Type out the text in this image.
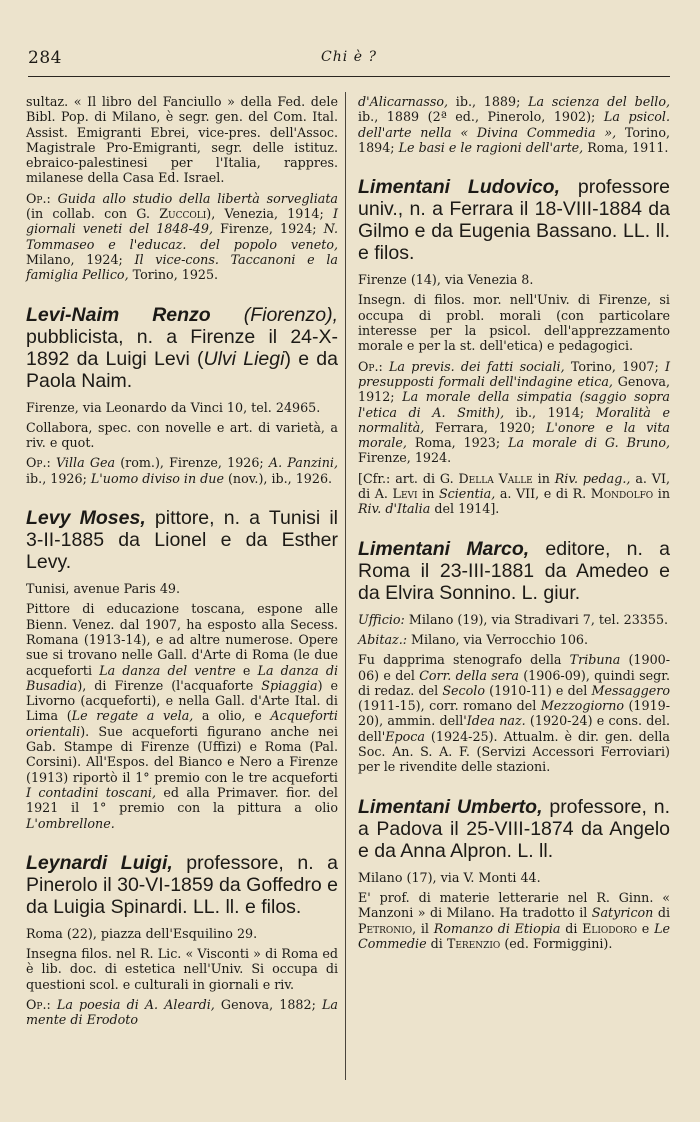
284	Chi è ?

sultaz. « Il libro del Fanciullo » della Fed. dele Bibl. Pop. di Milano, è segr. gen. del Com. Ital. Assist. Emigranti Ebrei, vice-pres. dell'Assoc. Magistrale Pro-Emigranti, segr. delle istituz. ebraico-palestinesi per l'Italia, rappres. milanese della Casa Ed. Israel.

Op.: Guida allo studio della libertà sorvegliata (in collab. con G. Zuccoli), Venezia, 1914; I giornali veneti del 1848-49, Firenze, 1924; N. Tommaseo e l'educaz. del popolo veneto, Milano, 1924; Il vice-cons. Taccanoni e la famiglia Pellico, Torino, 1925.

Levi-Naim Renzo (Fiorenzo), pubblicista, n. a Firenze il 24-X-1892 da Luigi Levi (Ulvi Liegi) e da Paola Naim.

Firenze, via Leonardo da Vinci 10, tel. 24965.

Collabora, spec. con novelle e art. di varietà, a riv. e quot.

Op.: Villa Gea (rom.), Firenze, 1926; A. Panzini, ib., 1926; L'uomo diviso in due (nov.), ib., 1926.

Levy Moses, pittore, n. a Tunisi il 3-II-1885 da Lionel e da Esther Levy.

Tunisi, avenue Paris 49.

Pittore di educazione toscana, espone alle Bienn. Venez. dal 1907, ha esposto alla Secess. Romana (1913-14), e ad altre numerose. Opere sue si trovano nelle Gall. d'Arte di Roma (le due acqueforti La danza del ventre e La danza di Busadia), di Firenze (l'acquaforte Spiaggia) e Livorno (acqueforti), e nella Gall. d'Arte Ital. di Lima (Le regate a vela, a olio, e Acqueforti orientali). Sue acqueforti figurano anche nei Gab. Stampe di Firenze (Uffizi) e Roma (Pal. Corsini). All'Espos. del Bianco e Nero a Firenze (1913) riportò il 1° premio con le tre acqueforti I contadini toscani, ed alla Primaver. fior. del 1921 il 1° premio con la pittura a olio L'ombrellone.

Leynardi Luigi, professore, n. a Pinerolo il 30-VI-1859 da Goffedro e da Luigia Spinardi. LL. ll. e filos.

Roma (22), piazza dell'Esquilino 29.

Insegna filos. nel R. Lic. « Visconti » di Roma ed è lib. doc. di estetica nell'Univ. Si occupa di questioni scol. e culturali in giornali e riv.

Op.: La poesia di A. Aleardi, Genova, 1882; La mente di Erodoto

d'Alicarnasso, ib., 1889; La scienza del bello, ib., 1889 (2ª ed., Pinerolo, 1902); La psicol. dell'arte nella « Divina Commedia », Torino, 1894; Le basi e le ragioni dell'arte, Roma, 1911.

Limentani Ludovico, professore univ., n. a Ferrara il 18-VIII-1884 da Gilmo e da Eugenia Bassano. LL. ll. e filos.

Firenze (14), via Venezia 8.

Insegn. di filos. mor. nell'Univ. di Firenze, si occupa di probl. morali (con particolare interesse per la psicol. dell'apprezzamento morale e per la st. dell'etica) e pedagogici.

Op.: La previs. dei fatti sociali, Torino, 1907; I presupposti formali dell'indagine etica, Genova, 1912; La morale della simpatia (saggio sopra l'etica di A. Smith), ib., 1914; Moralità e normalità, Ferrara, 1920; L'onore e la vita morale, Roma, 1923; La morale di G. Bruno, Firenze, 1924.

[Cfr.: art. di G. Della Valle in Riv. pedag., a. VI, di A. Levi in Scientia, a. VII, e di R. Mondolfo in Riv. d'Italia del 1914].

Limentani Marco, editore, n. a Roma il 23-III-1881 da Amedeo e da Elvira Sonnino. L. giur.

Ufficio: Milano (19), via Stradivari 7, tel. 23355.

Abitaz.: Milano, via Verrocchio 106.

Fu dapprima stenografo della Tribuna (1900-06) e del Corr. della sera (1906-09), quindi segr. di redaz. del Secolo (1910-11) e del Messaggero (1911-15), corr. romano del Mezzogiorno (1919-20), ammin. dell'Idea naz. (1920-24) e cons. del. dell'Epoca (1924-25). Attualm. è dir. gen. della Soc. An. S. A. F. (Servizi Accessori Ferroviari) per le rivendite delle stazioni.

Limentani Umberto, professore, n. a Padova il 25-VIII-1874 da Angelo e da Anna Alpron. L. ll.

Milano (17), via V. Monti 44.

E' prof. di materie letterarie nel R. Ginn. « Manzoni » di Milano. Ha tradotto il Satyricon di Petronio, il Romanzo di Etiopia di Eliodoro e Le Commedie di Terenzio (ed. Formiggini).
